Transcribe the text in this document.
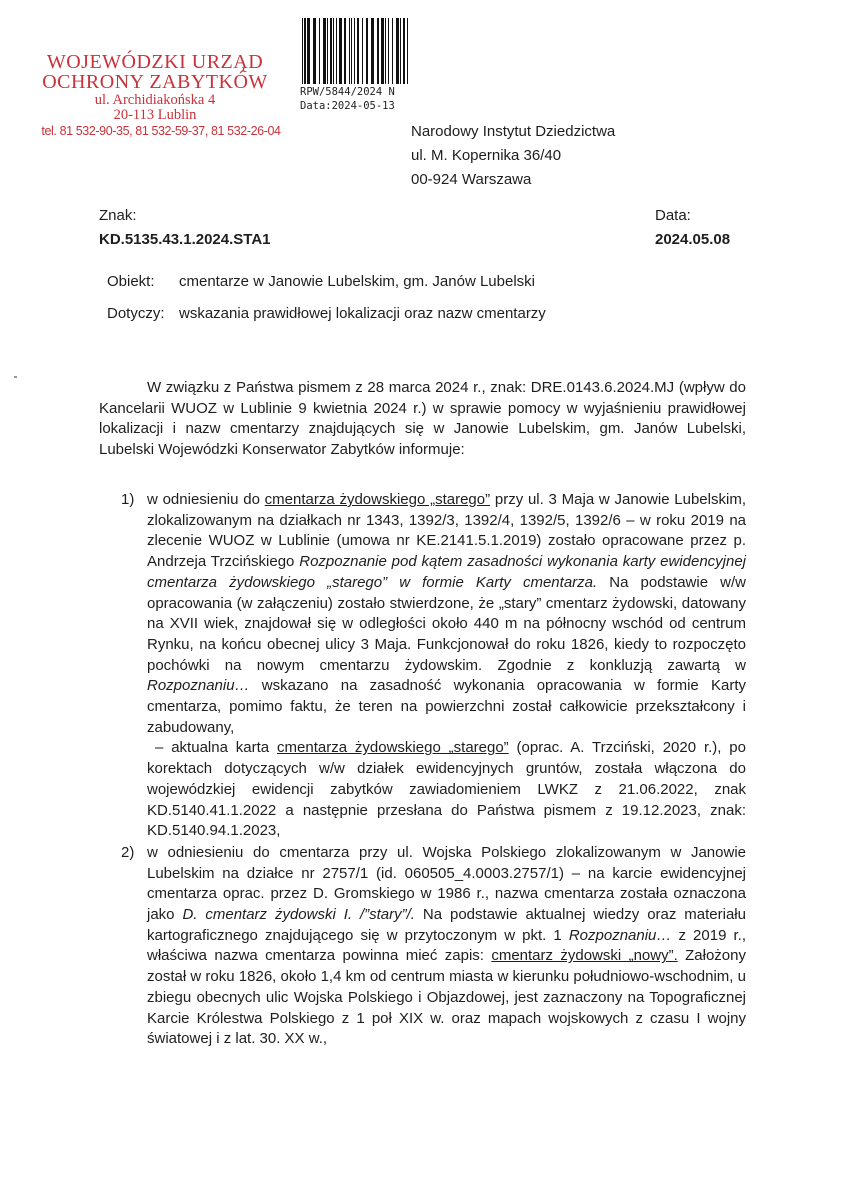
WOJEWÓDZKI URZĄD
OCHRONY ZABYTKÓW
ul. Archidiakońska 4
20-113 Lublin
tel. 81 532-90-35, 81 532-59-37, 81 532-26-04
RPW/5844/2024 N
Data:2024-05-13
Narodowy Instytut Dziedzictwa
ul. M. Kopernika 36/40
00-924 Warszawa
Znak:
KD.5135.43.1.2024.STA1
Data:
2024.05.08
Obiekt: cmentarze w Janowie Lubelskim, gm. Janów Lubelski
Dotyczy: wskazania prawidłowej lokalizacji oraz nazw cmentarzy
W związku z Państwa pismem z 28 marca 2024 r., znak: DRE.0143.6.2024.MJ (wpływ do Kancelarii WUOZ w Lublinie 9 kwietnia 2024 r.) w sprawie pomocy w wyjaśnieniu prawidłowej lokalizacji i nazw cmentarzy znajdujących się w Janowie Lubelskim, gm. Janów Lubelski, Lubelski Wojewódzki Konserwator Zabytków informuje:
1) w odniesieniu do cmentarza żydowskiego „starego” przy ul. 3 Maja w Janowie Lubelskim, zlokalizowanym na działkach nr 1343, 1392/3, 1392/4, 1392/5, 1392/6 – w roku 2019 na zlecenie WUOZ w Lublinie (umowa nr KE.2141.5.1.2019) zostało opracowane przez p. Andrzeja Trzcińskiego Rozpoznanie pod kątem zasadności wykonania karty ewidencyjnej cmentarza żydowskiego „starego” w formie Karty cmentarza. Na podstawie w/w opracowania (w załączeniu) zostało stwierdzone, że „stary” cmentarz żydowski, datowany na XVII wiek, znajdował się w odległości około 440 m na północny wschód od centrum Rynku, na końcu obecnej ulicy 3 Maja. Funkcjonował do roku 1826, kiedy to rozpoczęto pochówki na nowym cmentarzu żydowskim. Zgodnie z konkluzją zawartą w Rozpoznaniu… wskazano na zasadność wykonania opracowania w formie Karty cmentarza, pomimo faktu, że teren na powierzchni został całkowicie przekształcony i zabudowany,

– aktualna karta cmentarza żydowskiego „starego” (oprac. A. Trzciński, 2020 r.), po korektach dotyczących w/w działek ewidencyjnych gruntów, została włączona do wojewódzkiej ewidencji zabytków zawiadomieniem LWKZ z 21.06.2022, znak KD.5140.41.1.2022 a następnie przesłana do Państwa pismem z 19.12.2023, znak: KD.5140.94.1.2023,

2) w odniesieniu do cmentarza przy ul. Wojska Polskiego zlokalizowanym w Janowie Lubelskim na działce nr 2757/1 (id. 060505_4.0003.2757/1) – na karcie ewidencyjnej cmentarza oprac. przez D. Gromskiego w 1986 r., nazwa cmentarza została oznaczona jako D. cmentarz żydowski I. /”stary”/. Na podstawie aktualnej wiedzy oraz materiału kartograficznego znajdującego się w przytoczonym w pkt. 1 Rozpoznaniu… z 2019 r., właściwa nazwa cmentarza powinna mieć zapis: cmentarz żydowski „nowy”. Założony został w roku 1826, około 1,4 km od centrum miasta w kierunku południowo-wschodnim, u zbiegu obecnych ulic Wojska Polskiego i Objazdowej, jest zaznaczony na Topograficznej Karcie Królestwa Polskiego z 1 poł XIX w. oraz mapach wojskowych z czasu I wojny światowej i z lat. 30. XX w.,
